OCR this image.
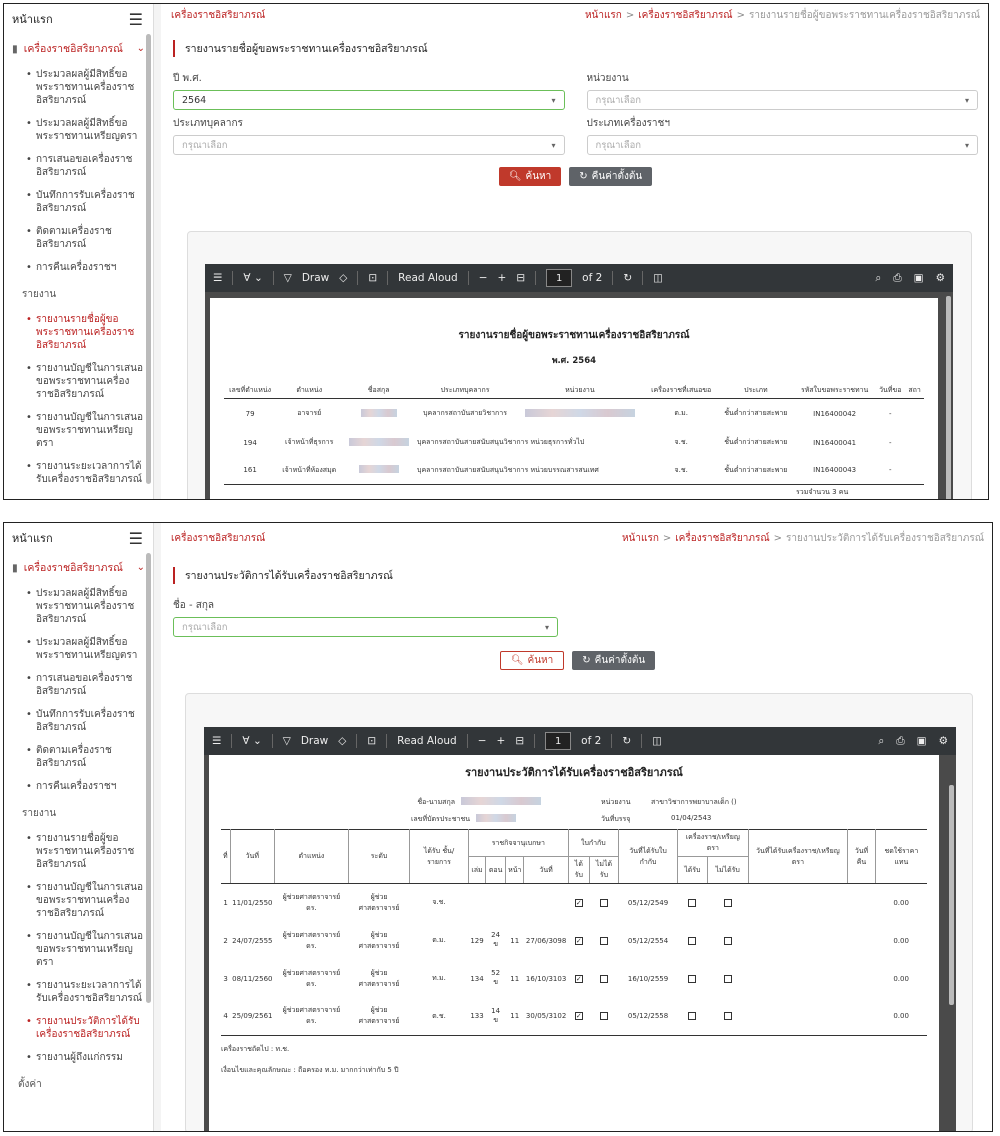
หน้าแรก	☰
▮ เครื่องราชอิสริยาภรณ์ ⌄
• ประมวลผลผู้มีสิทธิ์ขอพระราชทานเครื่องราชอิสริยาภรณ์
• ประมวลผลผู้มีสิทธิ์ขอพระราชทานเหรียญตรา
• การเสนอขอเครื่องราชอิสริยาภรณ์
• บันทึกการรับเครื่องราชอิสริยาภรณ์
• ติดตามเครื่องราชอิสริยาภรณ์
• การคืนเครื่องราชฯ
รายงาน
• รายงานรายชื่อผู้ขอพระราชทานเครื่องราชอิสริยาภรณ์
• รายงานบัญชีในการเสนอขอพระราชทานเครื่องราชอิสริยาภรณ์
• รายงานบัญชีในการเสนอขอพระราชทานเหรียญตรา
• รายงานระยะเวลาการได้รับเครื่องราชอิสริยาภรณ์
เครื่องราชอิสริยาภรณ์	หน้าแรก > เครื่องราชอิสริยาภรณ์ > รายงานรายชื่อผู้ขอพระราชทานเครื่องราชอิสริยาภรณ์
รายงานรายชื่อผู้ขอพระราชทานเครื่องราชอิสริยาภรณ์
ปี พ.ศ.
2564	▾
ประเภทบุคลากร
กรุณาเลือก	▾
หน่วยงาน
กรุณาเลือก	▾
ประเภทเครื่องราชฯ
กรุณาเลือก	▾
🔍︎ ค้นหา	↻ คืนค่าตั้งต้น
☰ ∀ ⌄ ▽ Draw ◇ ⊡ Read Aloud − + ⊟	1	of 2 ↻ ◫	⌕ ⎙ ▣ ⚙
รายงานรายชื่อผู้ขอพระราชทานเครื่องราชอิสริยาภรณ์
พ.ศ. 2564
เลขที่ตำแหน่ง	ตำแหน่ง	ชื่อสกุล	ประเภทบุคลากร	หน่วยงาน	เครื่องราชที่เสนอขอ	ประเภท	รหัสใบขอพระราชทาน	วันที่ขอ	สถา
79	อาจารย์		บุคลากรสถาบันสายวิชาการ		ต.ม.	ชั้นต่ำกว่าสายสะพาย	IN16400042	-	
194	เจ้าหน้าที่ธุรการ		บุคลากรสถาบันสายสนับสนุนวิชาการ หน่วยธุรการทั่วไป		จ.ช.	ชั้นต่ำกว่าสายสะพาย	IN16400041	-	
161	เจ้าหน้าที่ห้องสมุด		บุคลากรสถาบันสายสนับสนุนวิชาการ หน่วยบรรณสารสนเทศ		จ.ช.	ชั้นต่ำกว่าสายสะพาย	IN16400043	-	
							รวมจำนวน 3 คน		
หน้าแรก	☰
▮ เครื่องราชอิสริยาภรณ์ ⌄
• ประมวลผลผู้มีสิทธิ์ขอพระราชทานเครื่องราชอิสริยาภรณ์
• ประมวลผลผู้มีสิทธิ์ขอพระราชทานเหรียญตรา
• การเสนอขอเครื่องราชอิสริยาภรณ์
• บันทึกการรับเครื่องราชอิสริยาภรณ์
• ติดตามเครื่องราชอิสริยาภรณ์
• การคืนเครื่องราชฯ
รายงาน
• รายงานรายชื่อผู้ขอพระราชทานเครื่องราชอิสริยาภรณ์
• รายงานบัญชีในการเสนอขอพระราชทานเครื่องราชอิสริยาภรณ์
• รายงานบัญชีในการเสนอขอพระราชทานเหรียญตรา
• รายงานระยะเวลาการได้รับเครื่องราชอิสริยาภรณ์
• รายงานประวัติการได้รับเครื่องราชอิสริยาภรณ์
• รายงานผู้ถึงแก่กรรม
ตั้งค่า
เครื่องราชอิสริยาภรณ์	หน้าแรก > เครื่องราชอิสริยาภรณ์ > รายงานประวัติการได้รับเครื่องราชอิสริยาภรณ์
รายงานประวัติการได้รับเครื่องราชอิสริยาภรณ์
ชื่อ - สกุล
กรุณาเลือก	▾
🔍︎ ค้นหา	↻ คืนค่าตั้งต้น
☰ ∀ ⌄ ▽ Draw ◇ ⊡ Read Aloud − + ⊟	1	of 2 ↻ ◫	⌕ ⎙ ▣ ⚙
รายงานประวัติการได้รับเครื่องราชอิสริยาภรณ์
ชื่อ-นามสกุล	หน่วยงาน	สาขาวิชาการพยาบาลเด็ก ()
เลขที่บัตรประชาชน	วันที่บรรจุ	01/04/2543
ที่	วันที่	ตำแหน่ง	ระดับ	ได้รับ ชั้น/รายการ	ราชกิจจานุเบกษา				ใบกำกับ		วันที่ได้รับใบกำกับ	เครื่องราช/เหรียญตรา		วันที่ได้รับเครื่องราช/เหรียญตรา	วันที่คืน	ชดใช้ราคาแทน
					เล่ม	ตอน	หน้า	วันที่	ได้รับ	ไม่ได้รับ		ได้รับ	ไม่ได้รับ			
1	11/01/2550	ผู้ช่วยศาสตราจารย์ ดร.	ผู้ช่วยศาสตราจารย์	จ.ช.					✓		05/12/2549					0.00
2	24/07/2555	ผู้ช่วยศาสตราจารย์ ดร.	ผู้ช่วยศาสตราจารย์	ต.ม.	129	24 ข	11	27/06/3098	✓		05/12/2554					0.00
3	08/11/2560	ผู้ช่วยศาสตราจารย์ ดร.	ผู้ช่วยศาสตราจารย์	ท.ม.	134	52 ข	11	16/10/3103	✓		16/10/2559					0.00
4	25/09/2561	ผู้ช่วยศาสตราจารย์ ดร.	ผู้ช่วยศาสตราจารย์	ต.ช.	133	14 ข	11	30/05/3102	✓		05/12/2558					0.00
เครื่องราชถัดไป : ท.ช.
เงื่อนไขและคุณลักษณะ : ถือครอง ท.ม. มากกว่าเท่ากับ 5 ปี
